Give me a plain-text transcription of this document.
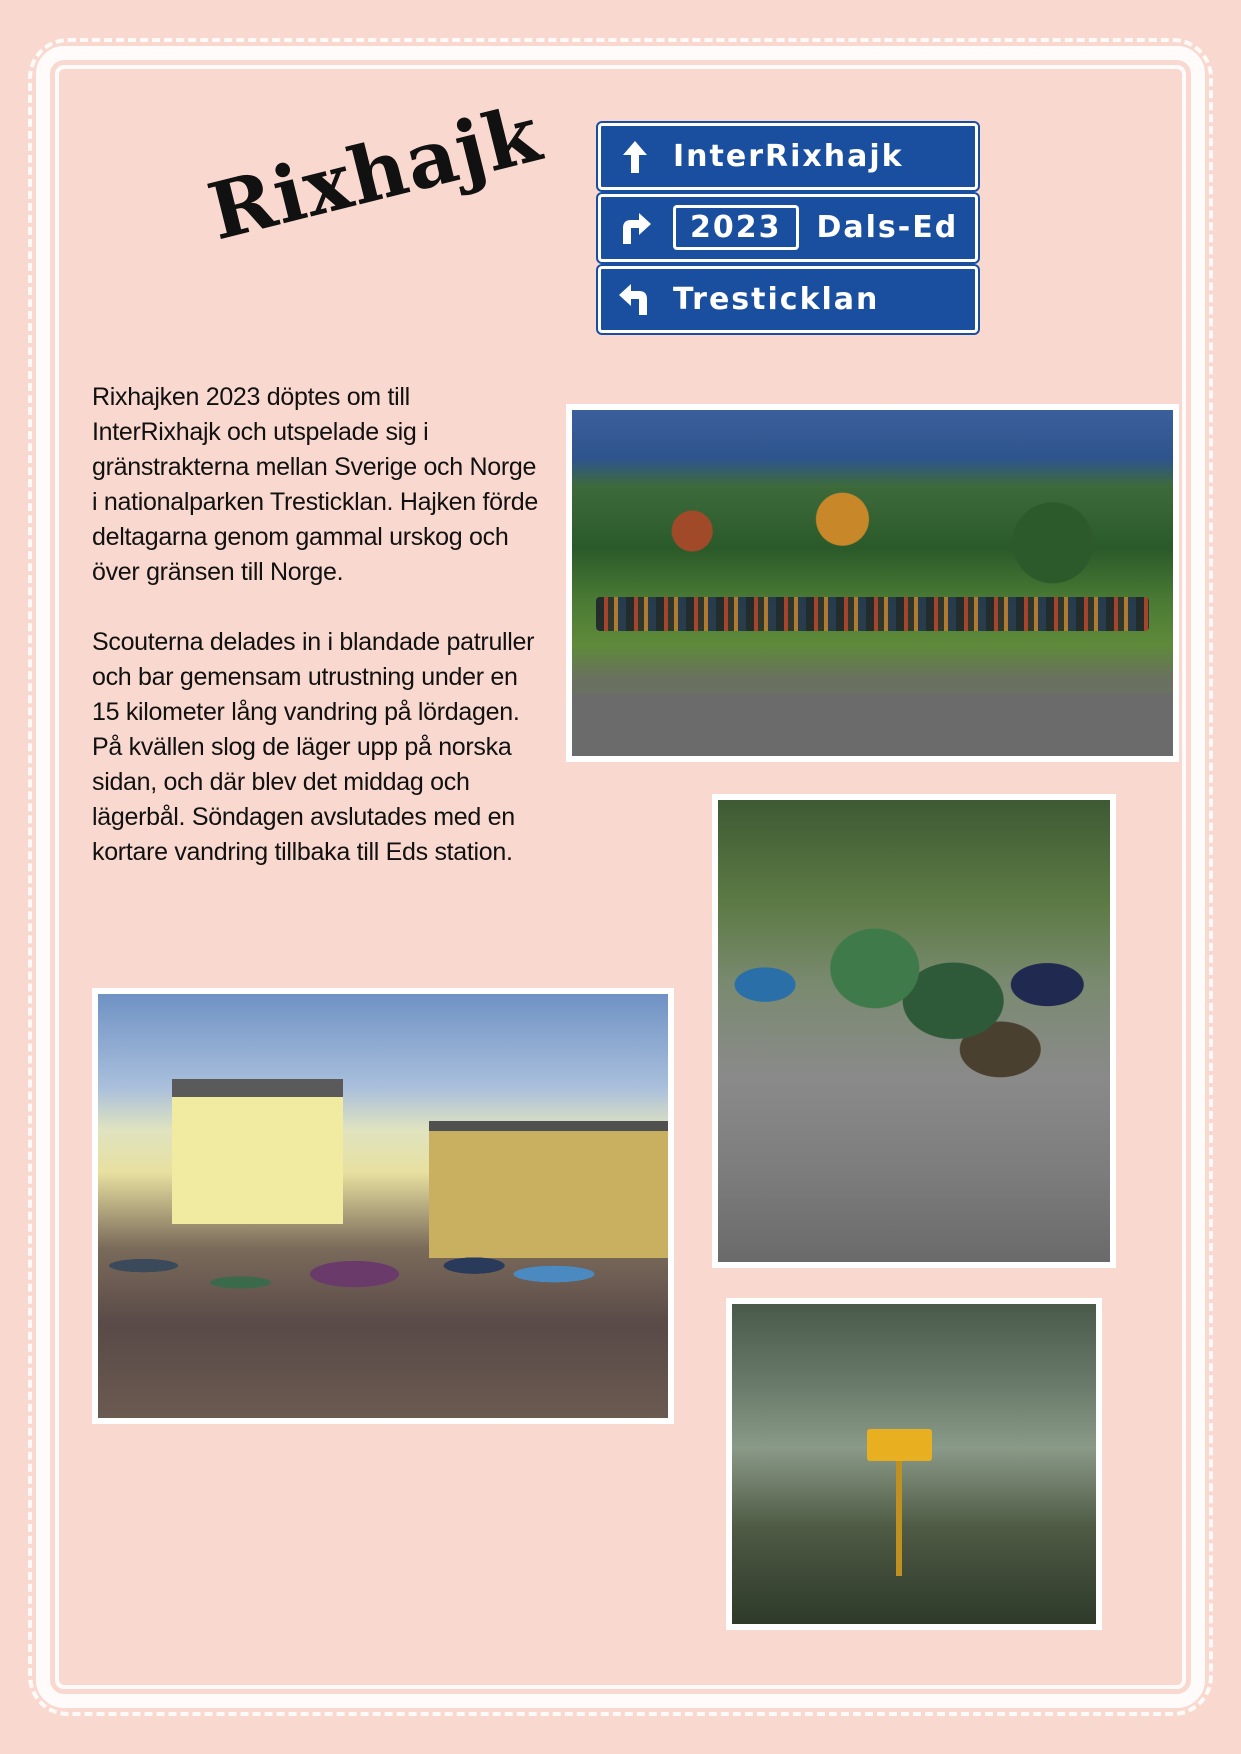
Rixhajk	InterRixhajk
2023	Dals-Ed
Tresticklan

Rixhajken 2023 döptes om till InterRixhajk och utspelade sig i gränstrakterna mellan Sverige och Norge i nationalparken Tresticklan. Hajken förde deltagarna genom gammal urskog och över gränsen till Norge.

Scouterna delades in i blandade patruller och bar gemensam utrustning under en 15 kilometer lång vandring på lördagen. På kvällen slog de läger upp på norska sidan, och där blev det middag och lägerbål. Söndagen avslutades med en kortare vandring tillbaka till Eds station.
